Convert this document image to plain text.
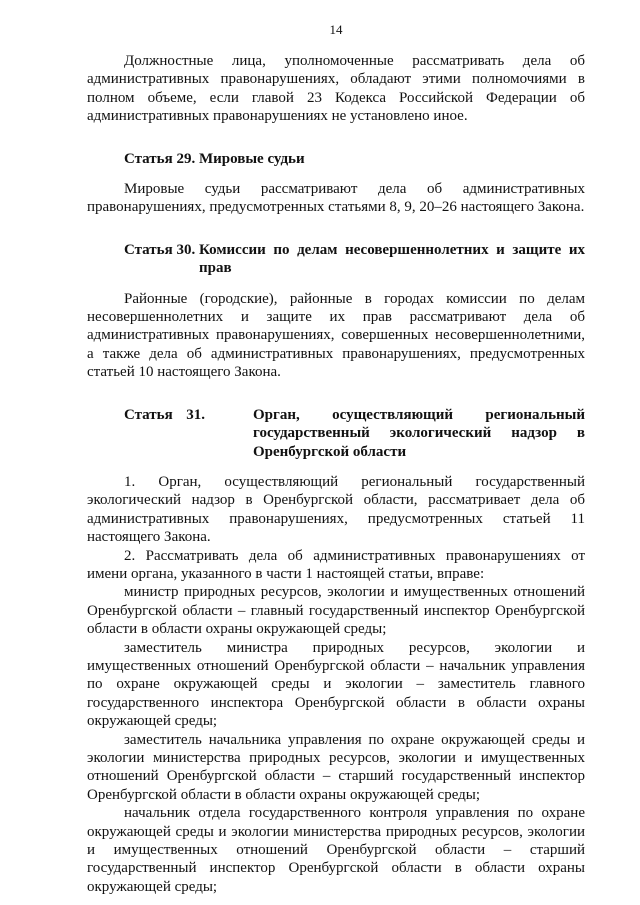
14

Должностные лица, уполномоченные рассматривать дела об административных правонарушениях, обладают этими полномочиями в полном объеме, если главой 23 Кодекса Российской Федерации об административных правонарушениях не установлено иное.

Статья 29.
Мировые судьи

Мировые судьи рассматривают дела об административных правонарушениях, предусмотренных статьями 8, 9, 20–26 настоящего Закона.

Статья 30.
Комиссии по делам несовершеннолетних и защите их прав

Районные (городские), районные в городах комиссии по делам несовершеннолетних и защите их прав рассматривают дела об административных правонарушениях, совершенных несовершеннолетними, а также дела об административных правонарушениях, предусмотренных статьей 10 настоящего Закона.

Статья 31.	Орган, осуществляющий региональный государственный экологический надзор в Оренбургской области

1. Орган, осуществляющий региональный государственный экологический надзор в Оренбургской области, рассматривает дела об административных правонарушениях, предусмотренных статьей 11 настоящего Закона.

2. Рассматривать дела об административных правонарушениях от имени органа, указанного в части 1 настоящей статьи, вправе:

министр природных ресурсов, экологии и имущественных отношений Оренбургской области – главный государственный инспектор Оренбургской области в области охраны окружающей среды;

заместитель министра природных ресурсов, экологии и имущественных отношений Оренбургской области – начальник управления по охране окружающей среды и экологии – заместитель главного государственного инспектора Оренбургской области в области охраны окружающей среды;

заместитель начальника управления по охране окружающей среды и экологии министерства природных ресурсов, экологии и имущественных отношений Оренбургской области – старший государственный инспектор Оренбургской области в области охраны окружающей среды;

начальник отдела государственного контроля управления по охране окружающей среды и экологии министерства природных ресурсов, экологии и имущественных отношений Оренбургской области – старший государственный инспектор Оренбургской области в области охраны окружающей среды;
